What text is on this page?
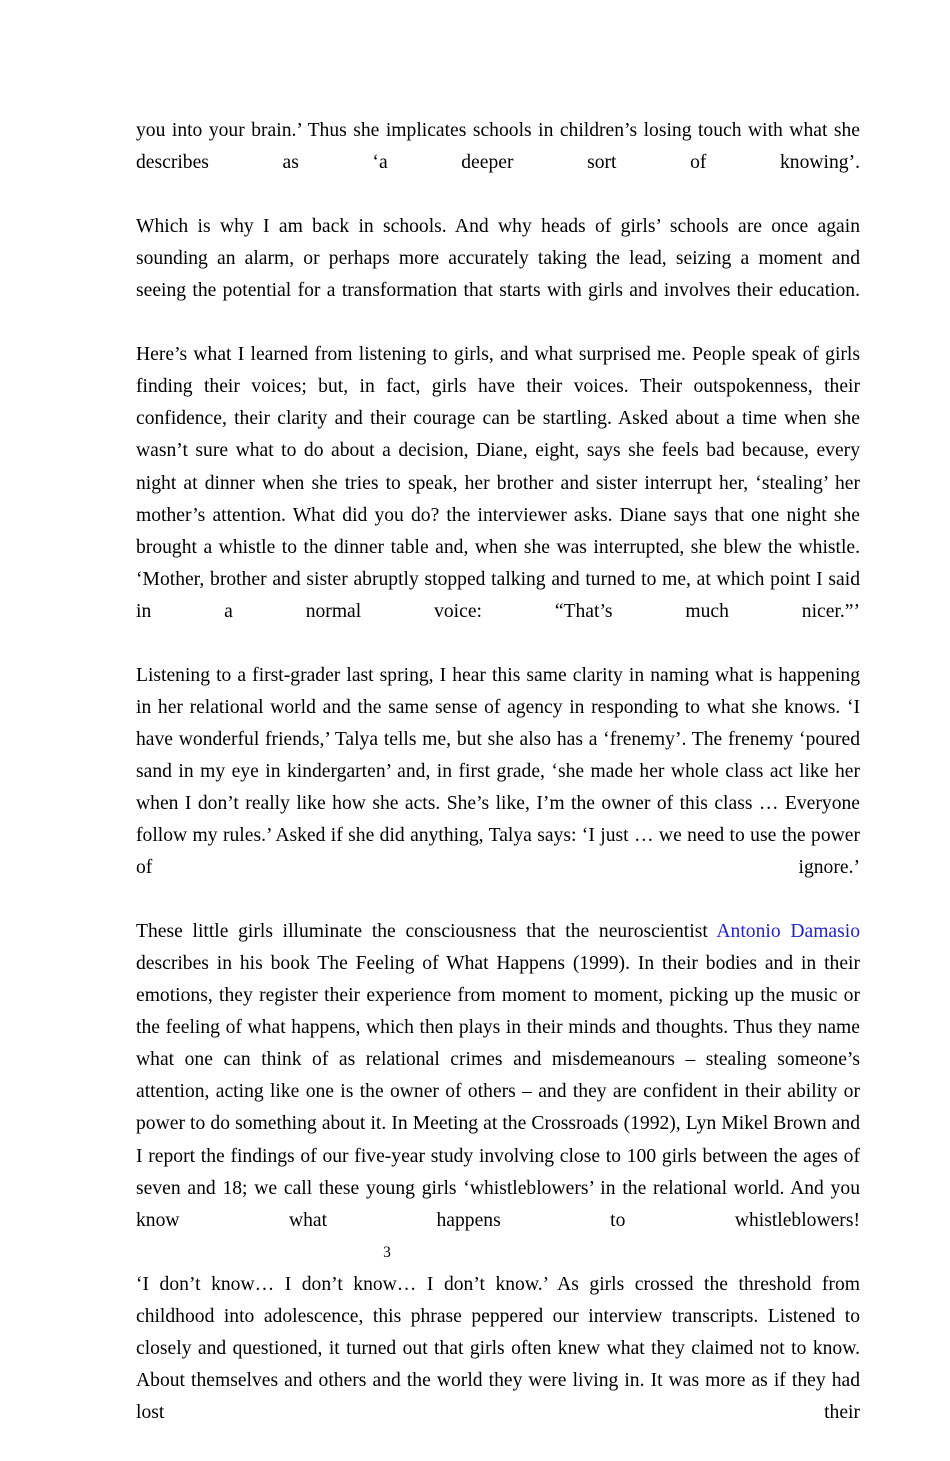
you into your brain.’ Thus she implicates schools in children’s losing touch with what she describes as ‘a deeper sort of knowing’.

Which is why I am back in schools. And why heads of girls’ schools are once again sounding an alarm, or perhaps more accurately taking the lead, seizing a moment and seeing the potential for a transformation that starts with girls and involves their education.

Here’s what I learned from listening to girls, and what surprised me. People speak of girls finding their voices; but, in fact, girls have their voices. Their outspokenness, their confidence, their clarity and their courage can be startling. Asked about a time when she wasn’t sure what to do about a decision, Diane, eight, says she feels bad because, every night at dinner when she tries to speak, her brother and sister interrupt her, ‘stealing’ her mother’s attention. What did you do? the interviewer asks. Diane says that one night she brought a whistle to the dinner table and, when she was interrupted, she blew the whistle. ‘Mother, brother and sister abruptly stopped talking and turned to me, at which point I said in a normal voice: “That’s much nicer.”’

Listening to a first-grader last spring, I hear this same clarity in naming what is happening in her relational world and the same sense of agency in responding to what she knows. ‘I have wonderful friends,’ Talya tells me, but she also has a ‘frenemy’. The frenemy ‘poured sand in my eye in kindergarten’ and, in first grade, ‘she made her whole class act like her when I don’t really like how she acts. She’s like, I’m the owner of this class … Everyone follow my rules.’ Asked if she did anything, Talya says: ‘I just … we need to use the power of ignore.’

These little girls illuminate the consciousness that the neuroscientist Antonio Damasio describes in his book The Feeling of What Happens (1999). In their bodies and in their emotions, they register their experience from moment to moment, picking up the music or the feeling of what happens, which then plays in their minds and thoughts. Thus they name what one can think of as relational crimes and misdemeanours – stealing someone’s attention, acting like one is the owner of others – and they are confident in their ability or power to do something about it. In Meeting at the Crossroads (1992), Lyn Mikel Brown and I report the findings of our five-year study involving close to 100 girls between the ages of seven and 18; we call these young girls ‘whistleblowers’ in the relational world. And you know what happens to whistleblowers!

‘I don’t know… I don’t know… I don’t know.’ As girls crossed the threshold from childhood into adolescence, this phrase peppered our interview transcripts. Listened to closely and questioned, it turned out that girls often knew what they claimed not to know. About themselves and others and the world they were living in. It was more as if they had lost their

3
